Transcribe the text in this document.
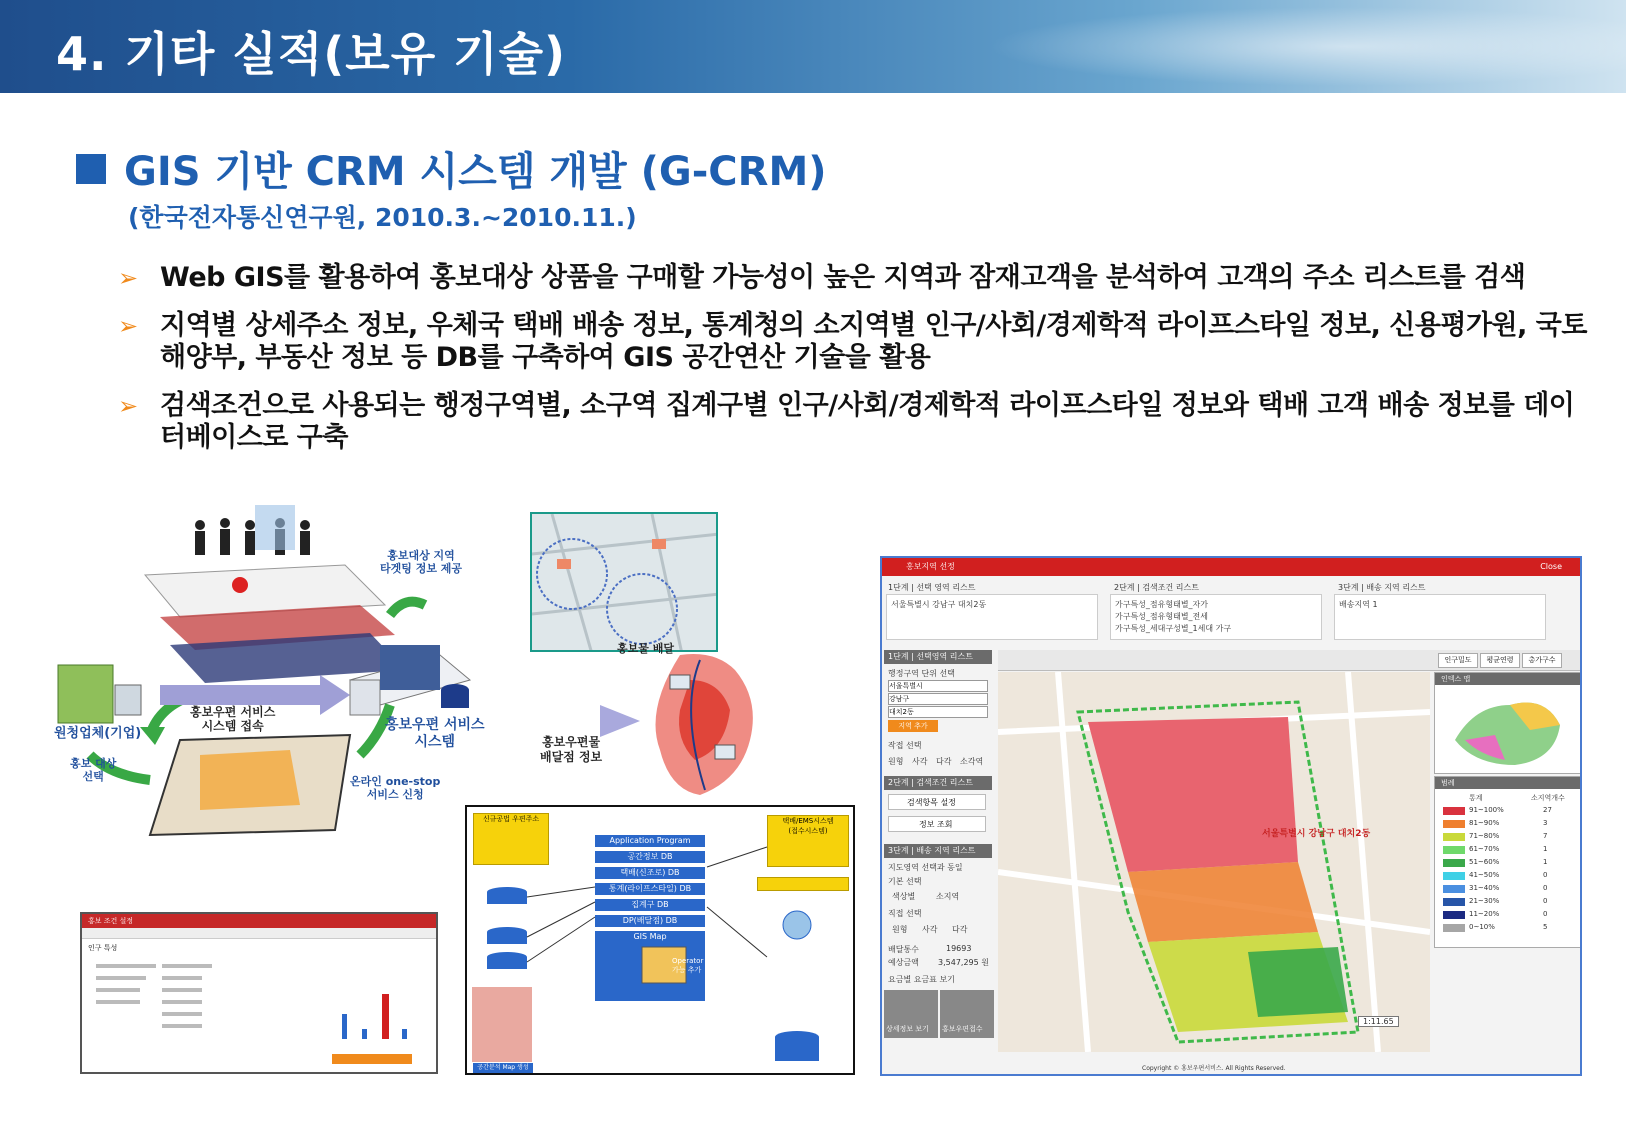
4. 기타 실적(보유 기술)
GIS 기반 CRM 시스템 개발 (G-CRM)
(한국전자통신연구원, 2010.3.~2010.11.)
➢ Web GIS를 활용하여 홍보대상 상품을 구매할 가능성이 높은 지역과 잠재고객을 분석하여 고객의 주소 리스트를 검색
➢ 지역별 상세주소 정보, 우체국 택배 배송 정보, 통계청의 소지역별 인구/사회/경제학적 라이프스타일 정보, 신용평가원, 국토해양부, 부동산 정보 등 DB를 구축하여 GIS 공간연산 기술을 활용
➢ 검색조건으로 사용되는 행정구역별, 소구역 집계구별 인구/사회/경제학적 라이프스타일 정보와 택배 고객 배송 정보를 데이터베이스로 구축
홍보대상 지역
타겟팅 정보 제공
원청업체(기업)
홍보우편 서비스
시스템 접속	홍보우편 서비스
시스템
홍보 대상
선택	온라인 one-stop
서비스 신청
홍보물 배달
홍보우편물
배달점 정보
신규공법 우편주소
Application Program
공간정보 DB
택배(신조로) DB
통계(라이프스타일) DB
집계구 DB
DP(배달점) DB
GIS Map
택배/EMS시스템
(접수시스템)
Operator
가능 추가
공간분석 Map 생성
홍보 조건 설정
인구 특성
홍보지역 선정	Close
1단계 | 선택 영역 리스트
서울특별시 강남구 대치2동
2단계 | 검색조건 리스트
가구특성_점유형태별_자가
가구특성_점유형태별_전세
가구특성_세대구성별_1세대 가구
3단계 | 배송 지역 리스트
배송지역 1
1단계 | 선택영역 리스트
행정구역 단위 선택
서울특별시
강남구
대치2동
지역 추가
작접 선택
원형 사각 다각 소각역
2단계 | 검색조건 리스트
검색항목 설정
정보 조회
3단계 | 배송 지역 리스트
지도영역 선택과 동일
기본 선택
색상별	소지역
직접 선택
원형 사각 다각
배달통수	19693
예상금액 3,547,295 원
요금별 요금표 보기
상세정보 보기 홍보우편접수
인구밀도	평균연령	총가구수
서울특별시 강남구 대치2동
1:11.65
인덱스 맵
범례
통계	소지역개수
91~100%	27
81~90%	3
71~80%	7
61~70%	1
51~60%	1
41~50%	0
31~40%	0
21~30%	0
11~20%	0
0~10%	5
Copyright © 홍보우편서비스. All Rights Reserved.
